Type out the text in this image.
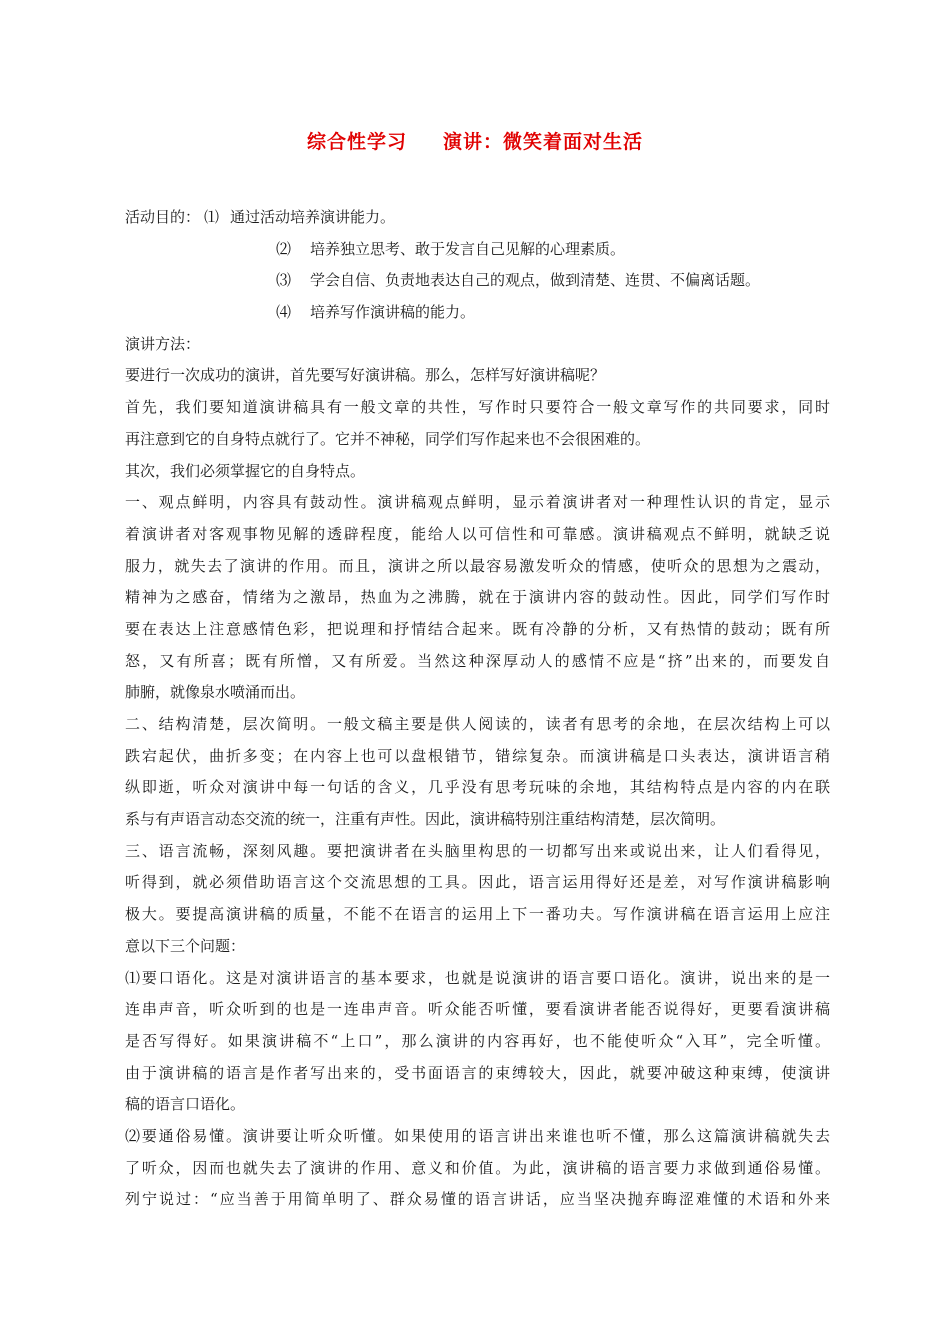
综合性学习 演讲：微笑着面对生活
活动目的： ⑴ 通过活动培养演讲能力。
⑵ 培养独立思考、敢于发言自己见解的心理素质。
⑶ 学会自信、负责地表达自己的观点，做到清楚、连贯、不偏离话题。
⑷ 培养写作演讲稿的能力。
演讲方法：
要进行一次成功的演讲，首先要写好演讲稿。那么，怎样写好演讲稿呢？
首先，我们要知道演讲稿具有一般文章的共性，写作时只要符合一般文章写作的共同要求，同时
再注意到它的自身特点就行了。它并不神秘，同学们写作起来也不会很困难的。
其次，我们必须掌握它的自身特点。
一、观点鲜明，内容具有鼓动性。演讲稿观点鲜明，显示着演讲者对一种理性认识的肯定，显示
着演讲者对客观事物见解的透辟程度，能给人以可信性和可靠感。演讲稿观点不鲜明，就缺乏说
服力，就失去了演讲的作用。而且，演讲之所以最容易激发听众的情感，使听众的思想为之震动，
精神为之感奋，情绪为之激昂，热血为之沸腾，就在于演讲内容的鼓动性。因此，同学们写作时
要在表达上注意感情色彩，把说理和抒情结合起来。既有冷静的分析，又有热情的鼓动；既有所
怒，又有所喜；既有所憎，又有所爱。当然这种深厚动人的感情不应是“挤”出来的，而要发自
肺腑，就像泉水喷涌而出。
二、结构清楚，层次简明。一般文稿主要是供人阅读的，读者有思考的余地，在层次结构上可以
跌宕起伏，曲折多变；在内容上也可以盘根错节，错综复杂。而演讲稿是口头表达，演讲语言稍
纵即逝，听众对演讲中每一句话的含义，几乎没有思考玩味的余地，其结构特点是内容的内在联
系与有声语言动态交流的统一，注重有声性。因此，演讲稿特别注重结构清楚，层次简明。
三、语言流畅，深刻风趣。要把演讲者在头脑里构思的一切都写出来或说出来，让人们看得见，
听得到，就必须借助语言这个交流思想的工具。因此，语言运用得好还是差，对写作演讲稿影响
极大。要提高演讲稿的质量，不能不在语言的运用上下一番功夫。写作演讲稿在语言运用上应注
意以下三个问题：
⑴要口语化。这是对演讲语言的基本要求，也就是说演讲的语言要口语化。演讲，说出来的是一
连串声音，听众听到的也是一连串声音。听众能否听懂，要看演讲者能否说得好，更要看演讲稿
是否写得好。如果演讲稿不“上口”，那么演讲的内容再好，也不能使听众“入耳”，完全听懂。
由于演讲稿的语言是作者写出来的，受书面语言的束缚较大，因此，就要冲破这种束缚，使演讲
稿的语言口语化。
⑵要通俗易懂。演讲要让听众听懂。如果使用的语言讲出来谁也听不懂，那么这篇演讲稿就失去
了听众，因而也就失去了演讲的作用、意义和价值。为此，演讲稿的语言要力求做到通俗易懂。
列宁说过：“应当善于用简单明了、群众易懂的语言讲话，应当坚决抛弃晦涩难懂的术语和外来
